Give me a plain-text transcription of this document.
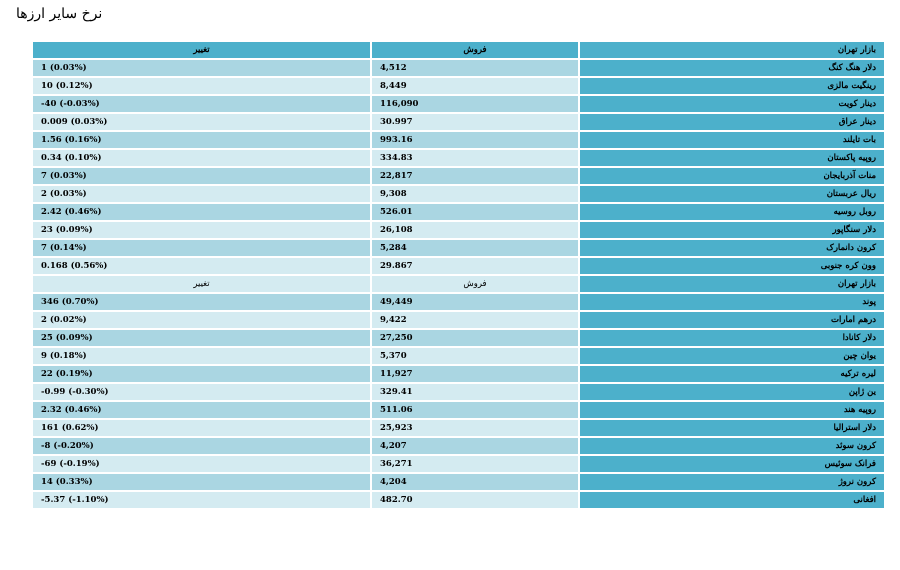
نرخ سایر ارزها
بازار تهران	فروش	تغییر
دلار هنگ کنگ	4,512	1 (0.03%)
رینگیت مالزی	8,449	10 (0.12%)
دینار کویت	116,090	-40 (-0.03%)
دینار عراق	30.997	0.009 (0.03%)
بات تایلند	993.16	1.56 (0.16%)
روپیه پاکستان	334.83	0.34 (0.10%)
منات آذربایجان	22,817	7 (0.03%)
ریال عربستان	9,308	2 (0.03%)
روبل روسیه	526.01	2.42 (0.46%)
دلار سنگاپور	26,108	23 (0.09%)
کرون دانمارک	5,284	7 (0.14%)
وون کره جنوبی	29.867	0.168 (0.56%)
بازار تهران	فروش	تغییر
پوند	49,449	346 (0.70%)
درهم امارات	9,422	2 (0.02%)
دلار کانادا	27,250	25 (0.09%)
یوان چین	5,370	9 (0.18%)
لیره ترکیه	11,927	22 (0.19%)
ین ژاپن	329.41	-0.99 (-0.30%)
روپیه هند	511.06	2.32 (0.46%)
دلار استرالیا	25,923	161 (0.62%)
کرون سوئد	4,207	-8 (-0.20%)
فرانک سوئیس	36,271	-69 (-0.19%)
کرون نروژ	4,204	14 (0.33%)
افغانی	482.70	-5.37 (-1.10%)
